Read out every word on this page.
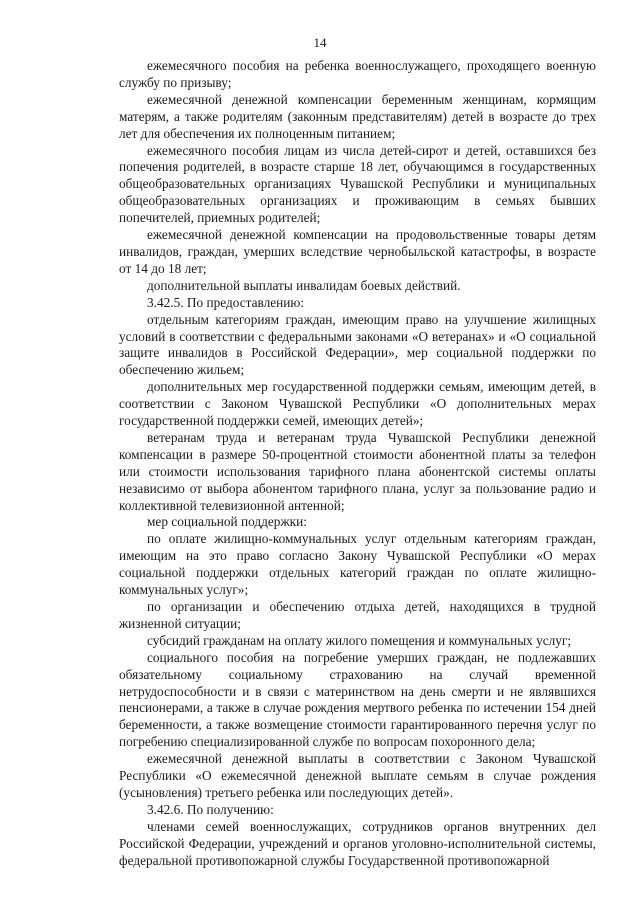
14

ежемесячного пособия на ребенка военнослужащего, проходящего военную службу по призыву;

ежемесячной денежной компенсации беременным женщинам, кормящим матерям, а также родителям (законным представителям) детей в возрасте до трех лет для обеспечения их полноценным питанием;

ежемесячного пособия лицам из числа детей-сирот и детей, оставшихся без попечения родителей, в возрасте старше 18 лет, обучающимся в государственных общеобразовательных организациях Чувашской Республики и муниципальных общеобразовательных организациях и проживающим в семьях бывших попечителей, приемных родителей;

ежемесячной денежной компенсации на продовольственные товары детям инвалидов, граждан, умерших вследствие чернобыльской катастрофы, в возрасте от 14 до 18 лет;

дополнительной выплаты инвалидам боевых действий.

3.42.5. По предоставлению:

отдельным категориям граждан, имеющим право на улучшение жилищных условий в соответствии с федеральными законами «О ветеранах» и «О социальной защите инвалидов в Российской Федерации», мер социальной поддержки по обеспечению жильем;

дополнительных мер государственной поддержки семьям, имеющим детей, в соответствии с Законом Чувашской Республики «О дополнительных мерах государственной поддержки семей, имеющих детей»;

ветеранам труда и ветеранам труда Чувашской Республики денежной компенсации в размере 50-процентной стоимости абонентной платы за телефон или стоимости использования тарифного плана абонентской системы оплаты независимо от выбора абонентом тарифного плана, услуг за пользование радио и коллективной телевизионной антенной;

мер социальной поддержки:

по оплате жилищно-коммунальных услуг отдельным категориям граждан, имеющим на это право согласно Закону Чувашской Республики «О мерах социальной поддержки отдельных категорий граждан по оплате жилищно-коммунальных услуг»;

по организации и обеспечению отдыха детей, находящихся в трудной жизненной ситуации;

субсидий гражданам на оплату жилого помещения и коммунальных услуг;

социального пособия на погребение умерших граждан, не подлежавших обязательному социальному страхованию на случай временной нетрудоспособности и в связи с материнством на день смерти и не являвшихся пенсионерами, а также в случае рождения мертвого ребенка по истечении 154 дней беременности, а также возмещение стоимости гарантированного перечня услуг по погребению специализированной службе по вопросам похоронного дела;

ежемесячной денежной выплаты в соответствии с Законом Чувашской Республики «О ежемесячной денежной выплате семьям в случае рождения (усыновления) третьего ребенка или последующих детей».

3.42.6. По получению:

членами семей военнослужащих, сотрудников органов внутренних дел Российской Федерации, учреждений и органов уголовно-исполнительной системы, федеральной противопожарной службы Государственной противопожарной
